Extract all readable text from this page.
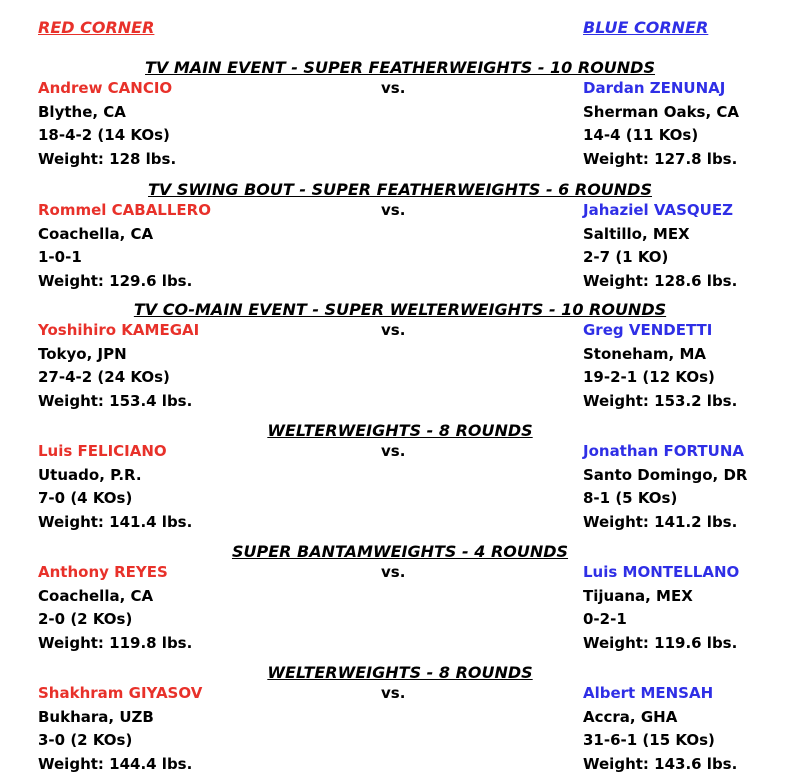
RED CORNER	BLUE CORNER
TV MAIN EVENT - SUPER FEATHERWEIGHTS - 10 ROUNDS
Andrew CANCIO
Blythe, CA
18-4-2 (14 KOs)
Weight: 128 lbs.
Dardan ZENUNAJ
Sherman Oaks, CA
14-4 (11 KOs)
Weight: 127.8 lbs.
vs.
TV SWING BOUT - SUPER FEATHERWEIGHTS - 6 ROUNDS
Rommel CABALLERO
Coachella, CA
1-0-1
Weight: 129.6 lbs.
Jahaziel VASQUEZ
Saltillo, MEX
2-7 (1 KO)
Weight: 128.6 lbs.
vs.
TV CO-MAIN EVENT - SUPER WELTERWEIGHTS - 10 ROUNDS
Yoshihiro KAMEGAI
Tokyo, JPN
27-4-2 (24 KOs)
Weight: 153.4 lbs.
Greg VENDETTI
Stoneham, MA
19-2-1 (12 KOs)
Weight: 153.2 lbs.
vs.
WELTERWEIGHTS - 8 ROUNDS
Luis FELICIANO
Utuado, P.R.
7-0 (4 KOs)
Weight: 141.4 lbs.
Jonathan FORTUNA
Santo Domingo, DR
8-1 (5 KOs)
Weight: 141.2 lbs.
vs.
SUPER BANTAMWEIGHTS - 4 ROUNDS
Anthony REYES
Coachella, CA
2-0 (2 KOs)
Weight: 119.8 lbs.
Luis MONTELLANO
Tijuana, MEX
0-2-1
Weight: 119.6 lbs.
vs.
WELTERWEIGHTS - 8 ROUNDS
Shakhram GIYASOV
Bukhara, UZB
3-0 (2 KOs)
Weight: 144.4 lbs.
Albert MENSAH
Accra, GHA
31-6-1 (15 KOs)
Weight: 143.6 lbs.
vs.
